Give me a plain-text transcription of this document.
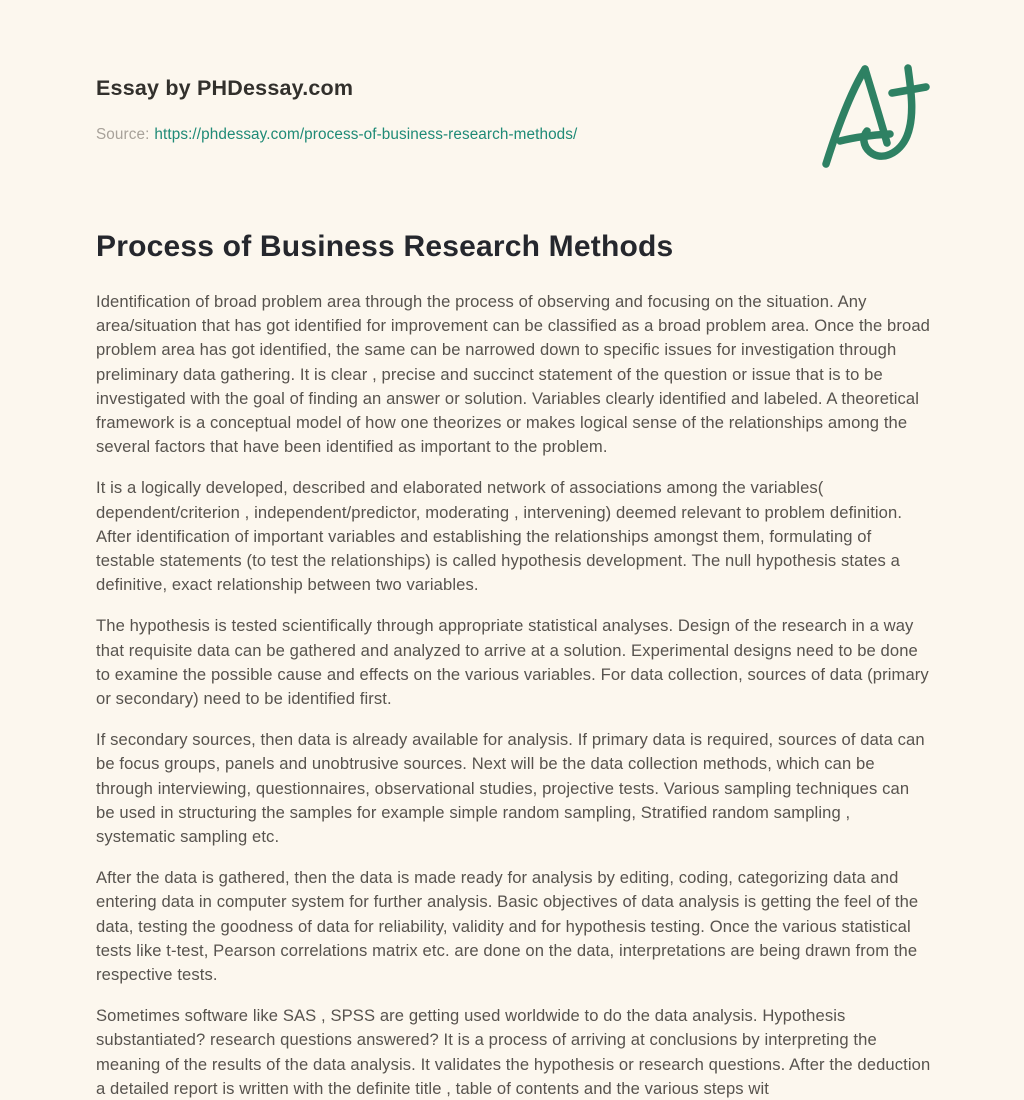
Essay by PHDessay.com
Source: https://phdessay.com/process-of-business-research-methods/
Process of Business Research Methods

Identification of broad problem area through the process of observing and focusing on the situation. Any area/situation that has got identified for improvement can be classified as a broad problem area. Once the broad problem area has got identified, the same can be narrowed down to specific issues for investigation through preliminary data gathering. It is clear , precise and succinct statement of the question or issue that is to be investigated with the goal of finding an answer or solution. Variables clearly identified and labeled. A theoretical framework is a conceptual model of how one theorizes or makes logical sense of the relationships among the several factors that have been identified as important to the problem.

It is a logically developed, described and elaborated network of associations among the variables( dependent/criterion , independent/predictor, moderating , intervening) deemed relevant to problem definition. After identification of important variables and establishing the relationships amongst them, formulating of testable statements (to test the relationships) is called hypothesis development. The null hypothesis states a definitive, exact relationship between two variables.

The hypothesis is tested scientifically through appropriate statistical analyses. Design of the research in a way that requisite data can be gathered and analyzed to arrive at a solution. Experimental designs need to be done to examine the possible cause and effects on the various variables. For data collection, sources of data (primary or secondary) need to be identified first.

If secondary sources, then data is already available for analysis. If primary data is required, sources of data can be focus groups, panels and unobtrusive sources. Next will be the data collection methods, which can be through interviewing, questionnaires, observational studies, projective tests. Various sampling techniques can be used in structuring the samples for example simple random sampling, Stratified random sampling , systematic sampling etc.

After the data is gathered, then the data is made ready for analysis by editing, coding, categorizing data and entering data in computer system for further analysis. Basic objectives of data analysis is getting the feel of the data, testing the goodness of data for reliability, validity and for hypothesis testing. Once the various statistical tests like t-test, Pearson correlations matrix etc. are done on the data, interpretations are being drawn from the respective tests.

Sometimes software like SAS , SPSS are getting used worldwide to do the data analysis. Hypothesis substantiated? research questions answered? It is a process of arriving at conclusions by interpreting the meaning of the results of the data analysis. It validates the hypothesis or research questions. After the deduction a detailed report is written with the definite title , table of contents and the various steps wit
